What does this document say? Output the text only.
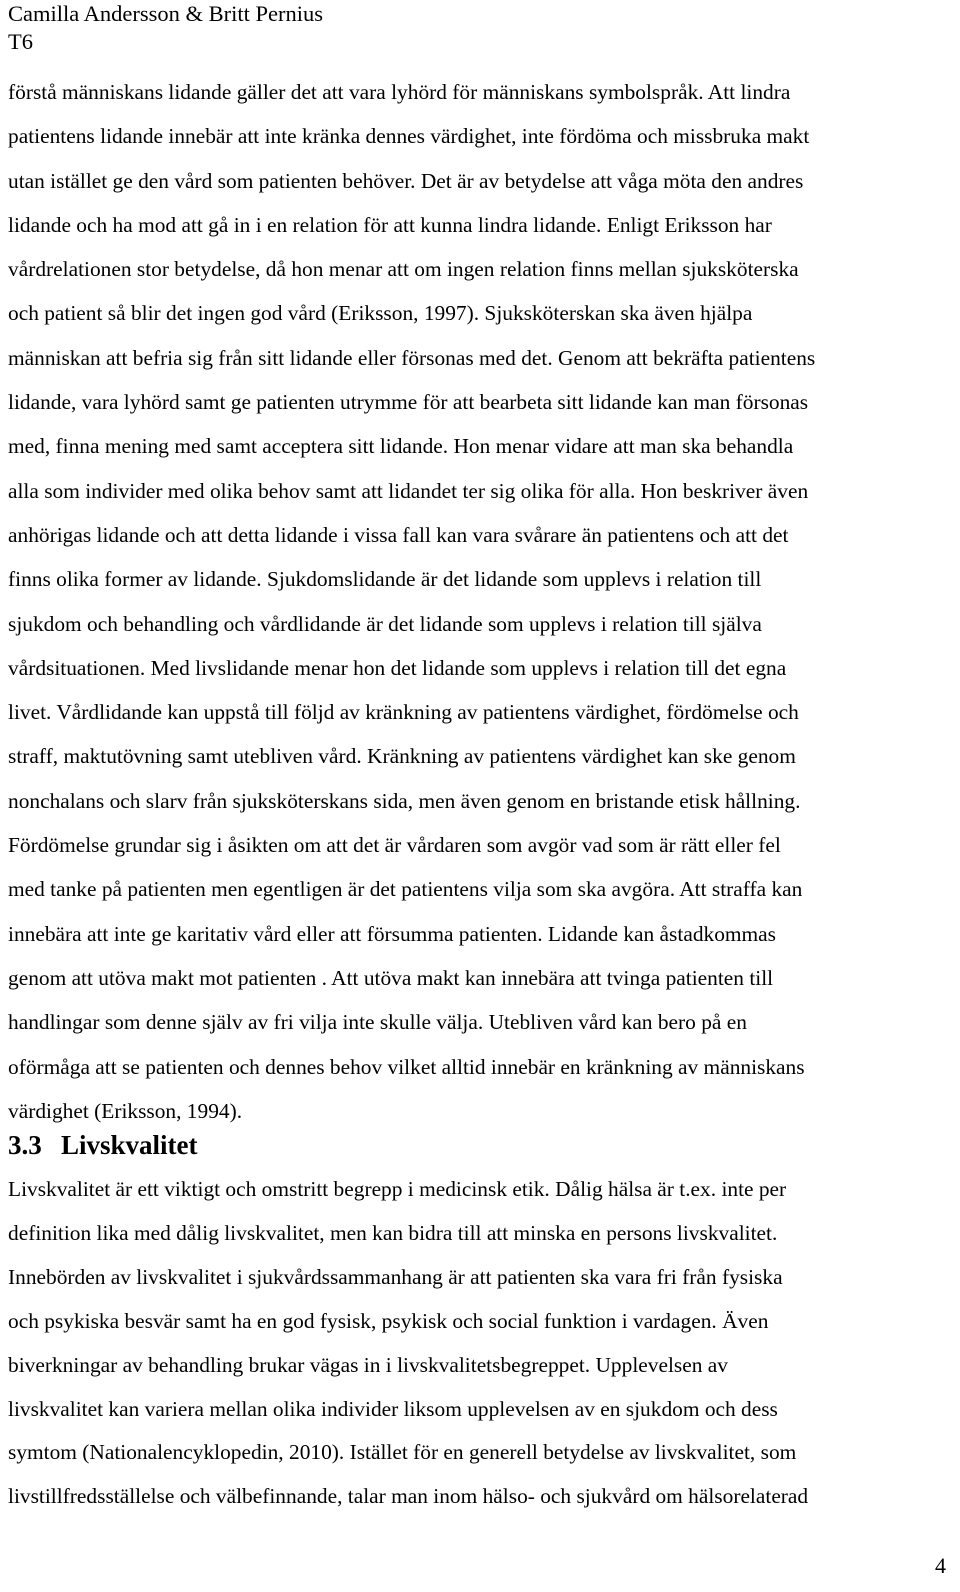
Camilla Andersson & Britt Pernius
T6
förstå människans lidande gäller det att vara lyhörd för människans symbolspråk. Att lindra
patientens lidande innebär att inte kränka dennes värdighet, inte fördöma och missbruka makt
utan istället ge den vård som patienten behöver. Det är av betydelse att våga möta den andres
lidande och ha mod att gå in i en relation för att kunna lindra lidande. Enligt Eriksson har
vårdrelationen stor betydelse, då hon menar att om ingen relation finns mellan sjuksköterska
och patient så blir det ingen god vård (Eriksson, 1997). Sjuksköterskan ska även hjälpa
människan att befria sig från sitt lidande eller försonas med det. Genom att bekräfta patientens
lidande, vara lyhörd samt ge patienten utrymme för att bearbeta sitt lidande kan man försonas
med, finna mening med samt acceptera sitt lidande. Hon menar vidare att man ska behandla
alla som individer med olika behov samt att lidandet ter sig olika för alla. Hon beskriver även
anhörigas lidande och att detta lidande i vissa fall kan vara svårare än patientens och att det
finns olika former av lidande. Sjukdomslidande är det lidande som upplevs i relation till
sjukdom och behandling och vårdlidande är det lidande som upplevs i relation till själva
vårdsituationen. Med livslidande menar hon det lidande som upplevs i relation till det egna
livet. Vårdlidande kan uppstå till följd av kränkning av patientens värdighet, fördömelse och
straff, maktutövning samt utebliven vård. Kränkning av patientens värdighet kan ske genom
nonchalans och slarv från sjuksköterskans sida, men även genom en bristande etisk hållning.
Fördömelse grundar sig i åsikten om att det är vårdaren som avgör vad som är rätt eller fel
med tanke på patienten men egentligen är det patientens vilja som ska avgöra. Att straffa kan
innebära att inte ge karitativ vård eller att försumma patienten. Lidande kan åstadkommas
genom att utöva makt mot patienten . Att utöva makt kan innebära att tvinga patienten till
handlingar som denne själv av fri vilja inte skulle välja. Utebliven vård kan bero på en
oförmåga att se patienten och dennes behov vilket alltid innebär en kränkning av människans
värdighet (Eriksson, 1994).
3.3 Livskvalitet
Livskvalitet är ett viktigt och omstritt begrepp i medicinsk etik. Dålig hälsa är t.ex. inte per
definition lika med dålig livskvalitet, men kan bidra till att minska en persons livskvalitet.
Innebörden av livskvalitet i sjukvårdssammanhang är att patienten ska vara fri från fysiska
och psykiska besvär samt ha en god fysisk, psykisk och social funktion i vardagen. Även
biverkningar av behandling brukar vägas in i livskvalitetsbegreppet. Upplevelsen av
livskvalitet kan variera mellan olika individer liksom upplevelsen av en sjukdom och dess
symtom (Nationalencyklopedin, 2010). Istället för en generell betydelse av livskvalitet, som
livstillfredsställelse och välbefinnande, talar man inom hälso- och sjukvård om hälsorelaterad
4
